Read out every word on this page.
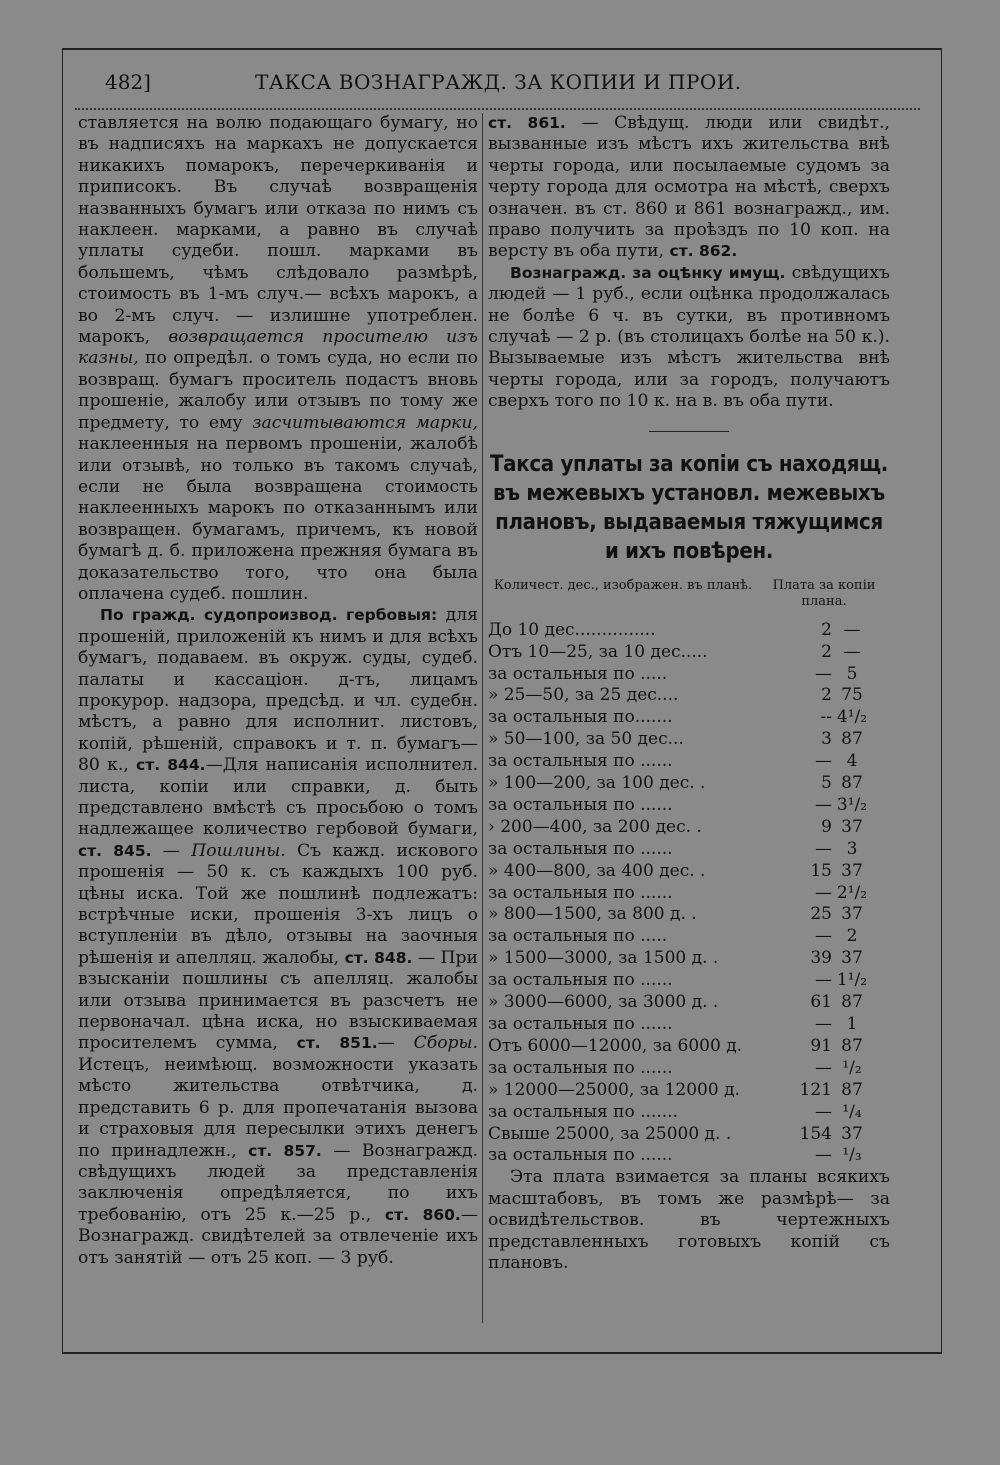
482]	ТАКСА ВОЗНАГРАЖД. ЗА КОПИИ И ПРОИ.

ставляется на волю подающаго бумагу, но въ надписяхъ на маркахъ не допускается никакихъ помарокъ, перечеркиванія и приписокъ. Въ случаѣ возвращенія названныхъ бумагъ или отказа по нимъ съ наклеен. марками, а равно въ случаѣ уплаты судеби. пошл. марками въ большемъ, чѣмъ слѣдовало размѣрѣ, стоимость въ 1-мъ случ.— всѣхъ марокъ, а во 2-мъ случ. — излишне употреблен. марокъ, возвращается просителю изъ казны, по опредѣл. о томъ суда, но если по возвращ. бумагъ проситель подастъ вновь прошеніе, жалобу или отзывъ по тому же предмету, то ему засчитываются марки, наклеенныя на первомъ прошеніи, жалобѣ или отзывѣ, но только въ такомъ случаѣ, если не была возвращена стоимость наклеенныхъ марокъ по отказаннымъ или возвращен. бумагамъ, причемъ, къ новой бумагѣ д. б. приложена прежняя бумага въ доказательство того, что она была оплачена судеб. пошлин.

По гражд. судопроизвод. гербовыя: для прошеній, приложеній къ нимъ и для всѣхъ бумагъ, подаваем. въ окруж. суды, судеб. палаты и кассаціон. д-тъ, лицамъ прокурор. надзора, предсѣд. и чл. судебн. мѣстъ, а равно для исполнит. листовъ, копій, рѣшеній, справокъ и т. п. бумагъ— 80 к., ст. 844.—Для написанія исполнител. листа, копіи или справки, д. быть представлено вмѣстѣ съ просьбою о томъ надлежащее количество гербовой бумаги, ст. 845. — Пошлины. Съ кажд. искового прошенія — 50 к. съ каждыхъ 100 руб. цѣны иска. Той же пошлинѣ подлежатъ: встрѣчные иски, прошенія 3-хъ лицъ о вступленіи въ дѣло, отзывы на заочныя рѣшенія и апелляц. жалобы, ст. 848. — При взысканіи пошлины съ апелляц. жалобы или отзыва принимается въ разсчетъ не первоначал. цѣна иска, но взыскиваемая просителемъ сумма, ст. 851.— Сборы. Истецъ, неимѣющ. возможности указать мѣсто жительства отвѣтчика, д. представить 6 р. для пропечатанія вызова и страховыя для пересылки этихъ денегъ по принадлежн., ст. 857. — Вознагражд. свѣдущихъ людей за представленія заключенія опредѣляется, по ихъ требованію, отъ 25 к.—25 р., ст. 860.— Вознагражд. свидѣтелей за отвлеченіе ихъ отъ занятій — отъ 25 коп. — 3 руб.

ст. 861. — Свѣдущ. люди или свидѣт., вызванные изъ мѣстъ ихъ жительства внѣ черты города, или посылаемые судомъ за черту города для осмотра на мѣстѣ, сверхъ означен. въ ст. 860 и 861 вознагражд., им. право получить за проѣздъ по 10 коп. на версту въ оба пути, ст. 862.

Вознагражд. за оцѣнку имущ. свѣдущихъ людей — 1 руб., если оцѣнка продолжалась не болѣе 6 ч. въ сутки, въ противномъ случаѣ — 2 р. (въ столицахъ болѣе на 50 к.). Вызываемые изъ мѣстъ жительства внѣ черты города, или за городъ, получаютъ сверхъ того по 10 к. на в. въ оба пути.

Такса уплаты за копіи съ находящ. въ межевыхъ установл. межевыхъ плановъ, выдаваемыя тяжущимся и ихъ повѣрен.
Количест. дес., изображен. въ планѣ.	Плата за копіи плана.
До 10 дес...............	2 —
Отъ 10—25, за 10 дес.....	2 —
за остальныя по .....	— 5
» 25—50, за 25 дес....	2 75
за остальныя по.......	-- 4¹/₂
» 50—100, за 50 дес...	3 87
за остальныя по ......	— 4
» 100—200, за 100 дес. .	5 87
за остальныя по ......	— 3¹/₂
› 200—400, за 200 дес. .	9 37
за остальныя по ......	— 3
» 400—800, за 400 дес. .	15 37
за остальныя по ......	— 2¹/₂
» 800—1500, за 800 д. .	25 37
за остальныя по .....	— 2
» 1500—3000, за 1500 д. .	39 37
за остальныя по ......	— 1¹/₂
» 3000—6000, за 3000 д. .	61 87
за остальныя по ......	— 1
Отъ 6000—12000, за 6000 д.	91 87
за остальныя по ......	— ¹/₂
» 12000—25000, за 12000 д.	121 87
за остальныя по .......	— ¹/₄
Свыше 25000, за 25000 д. .	154 37
за остальныя по ......	— ¹/₃

Эта плата взимается за планы всякихъ масштабовъ, въ томъ же размѣрѣ— за освидѣтельствов. въ чертежныхъ представленныхъ готовыхъ копій съ плановъ.
